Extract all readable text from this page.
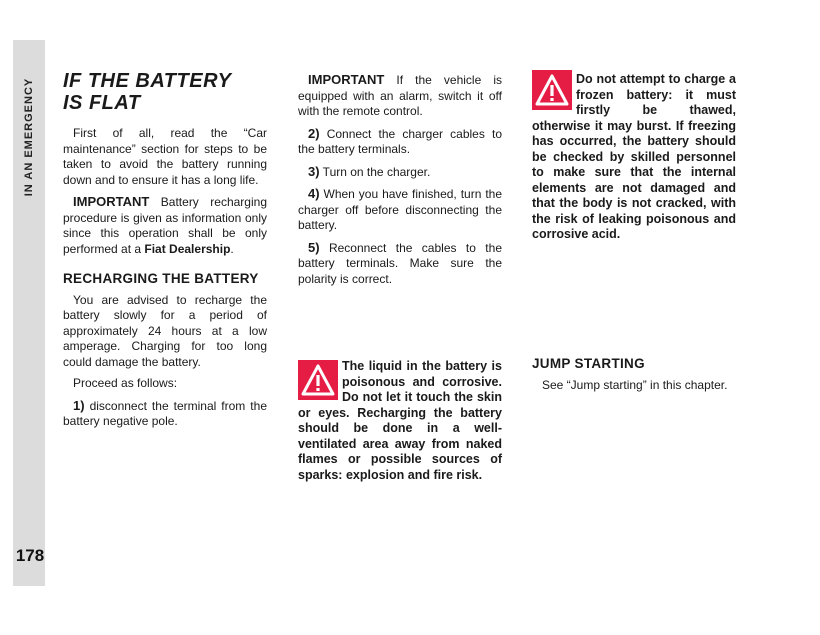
IN AN EMERGENCY
178
IF THE BATTERY
IS FLAT

First of all, read the “Car maintenance” section for steps to be taken to avoid the battery running down and to ensure it has a long life.

IMPORTANT Battery recharging procedure is given as information only since this operation shall be only performed at a Fiat Dealership.

RECHARGING THE BATTERY

You are advised to recharge the battery slowly for a period of approximately 24 hours at a low amperage. Charging for too long could damage the battery.

Proceed as follows:

1) disconnect the terminal from the battery negative pole.

IMPORTANT If the vehicle is equipped with an alarm, switch it off with the remote control.

2) Connect the charger cables to the battery terminals.

3) Turn on the charger.

4) When you have finished, turn the charger off before disconnecting the battery.

5) Reconnect the cables to the battery terminals. Make sure the polarity is correct.

The liquid in the battery is poisonous and corrosive. Do not let it touch the skin or eyes. Recharging the battery should be done in a well-ventilated area away from naked flames or possible sources of sparks: explosion and fire risk.
Do not attempt to charge a frozen battery: it must firstly be thawed, otherwise it may burst. If freezing has occurred, the battery should be checked by skilled personnel to make sure that the internal elements are not damaged and that the body is not cracked, with the risk of leaking poisonous and corrosive acid.
JUMP STARTING

See “Jump starting” in this chapter.
